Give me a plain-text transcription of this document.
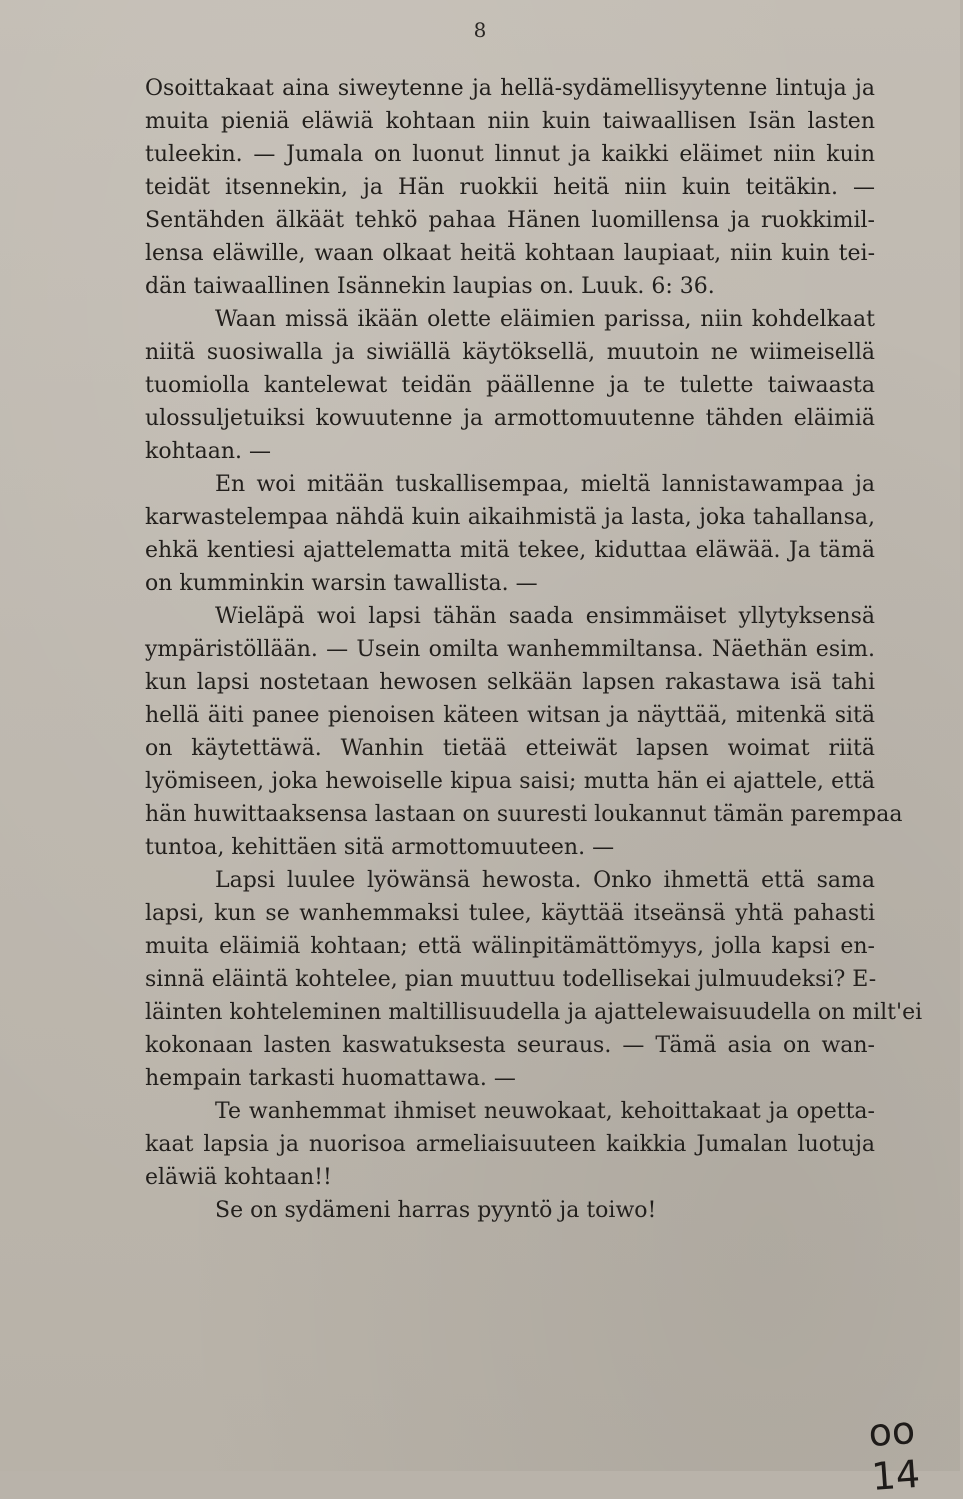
8
Osoittakaat aina siweytenne ja hellä-sydämellisyytenne lintuja ja
muita pieniä eläwiä kohtaan niin kuin taiwaallisen Isän lasten
tuleekin. — Jumala on luonut linnut ja kaikki eläimet niin kuin
teidät itsennekin, ja Hän ruokkii heitä niin kuin teitäkin. —
Sentähden älkäät tehkö pahaa Hänen luomillensa ja ruokkimil-
lensa eläwille, waan olkaat heitä kohtaan laupiaat, niin kuin tei-
dän taiwaallinen Isännekin laupias on. Luuk. 6: 36.
Waan missä ikään olette eläimien parissa, niin kohdelkaat
niitä suosiwalla ja siwiällä käytöksellä, muutoin ne wiimeisellä
tuomiolla kantelewat teidän päällenne ja te tulette taiwaasta
ulossuljetuiksi kowuutenne ja armottomuutenne tähden eläimiä
kohtaan. —
En woi mitään tuskallisempaa, mieltä lannistawampaa ja
karwastelempaa nähdä kuin aikaihmistä ja lasta, joka tahallansa,
ehkä kentiesi ajattelematta mitä tekee, kiduttaa eläwää. Ja tämä
on kumminkin warsin tawallista. —
Wieläpä woi lapsi tähän saada ensimmäiset yllytyksensä
ympäristöllään. — Usein omilta wanhemmiltansa. Näethän esim.
kun lapsi nostetaan hewosen selkään lapsen rakastawa isä tahi
hellä äiti panee pienoisen käteen witsan ja näyttää, mitenkä sitä
on käytettäwä. Wanhin tietää etteiwät lapsen woimat riitä
lyömiseen, joka hewoiselle kipua saisi; mutta hän ei ajattele, että
hän huwittaaksensa lastaan on suuresti loukannut tämän parempaa
tuntoa, kehittäen sitä armottomuuteen. —
Lapsi luulee lyöwänsä hewosta. Onko ihmettä että sama
lapsi, kun se wanhemmaksi tulee, käyttää itseänsä yhtä pahasti
muita eläimiä kohtaan; että wälinpitämättömyys, jolla kapsi en-
sinnä eläintä kohtelee, pian muuttuu todellisekai julmuudeksi? E-
läinten kohteleminen maltillisuudella ja ajattelewaisuudella on milt'ei
kokonaan lasten kaswatuksesta seuraus. — Tämä asia on wan-
hempain tarkasti huomattawa. —
Te wanhemmat ihmiset neuwokaat, kehoittakaat ja opetta-
kaat lapsia ja nuorisoa armeliaisuuteen kaikkia Jumalan luotuja
eläwiä kohtaan!!
Se on sydämeni harras pyyntö ja toiwo!
oo 14
